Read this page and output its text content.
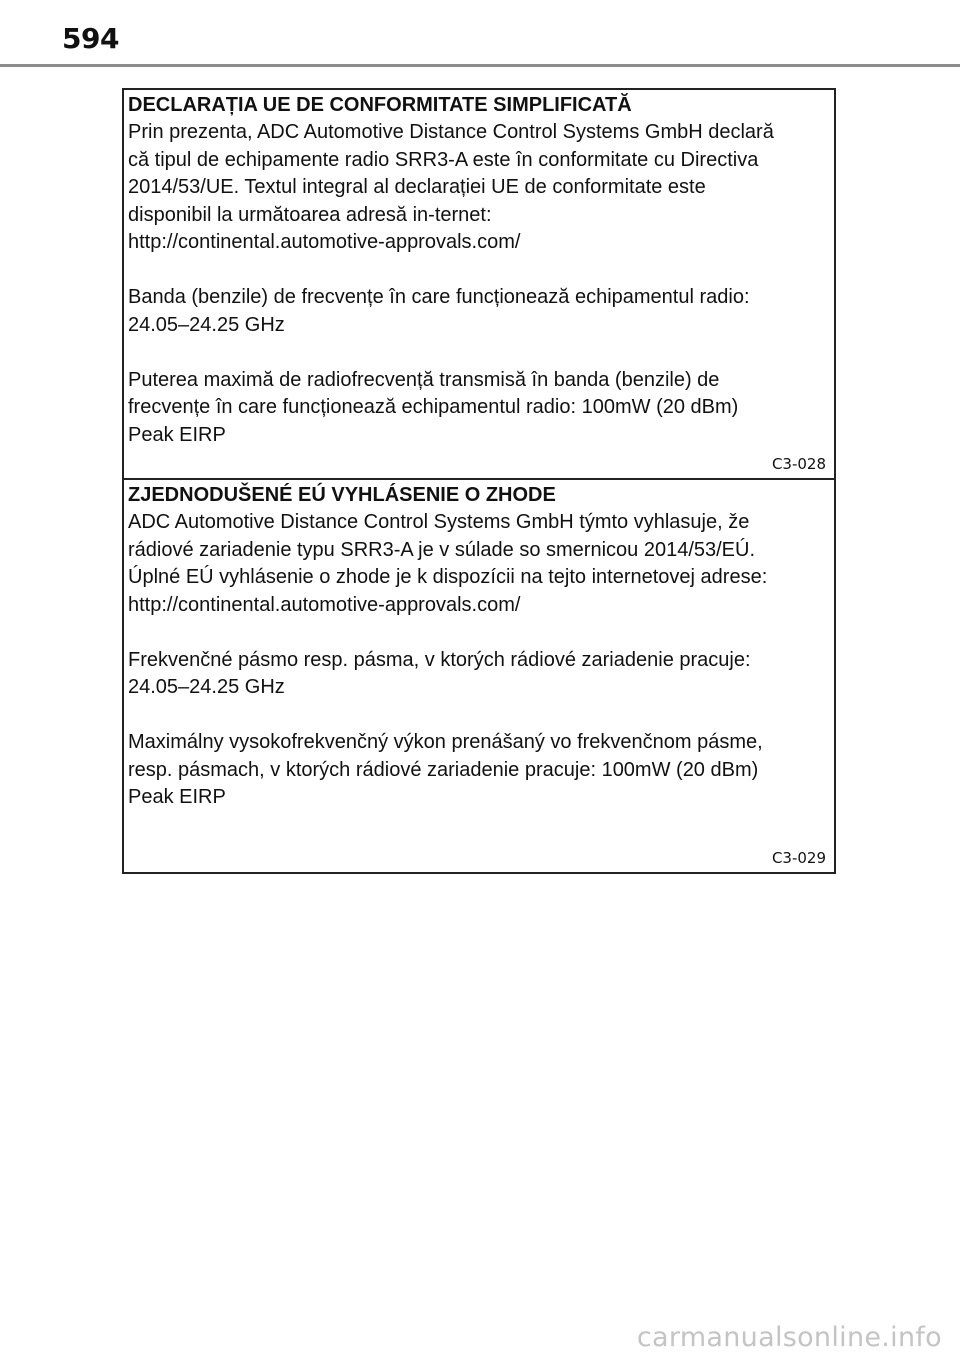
594
DECLARAȚIA UE DE CONFORMITATE SIMPLIFICATĂ

Prin prezenta, ADC Automotive Distance Control Systems GmbH declară
că tipul de echipamente radio SRR3-A este în conformitate cu Directiva
2014/53/UE. Textul integral al declarației UE de conformitate este
disponibil la următoarea adresă in-ternet:
http://continental.automotive-approvals.com/

Banda (benzile) de frecvențe în care funcționează echipamentul radio:
24.05–24.25 GHz

Puterea maximă de radiofrecvență transmisă în banda (benzile) de
frecvențe în care funcționează echipamentul radio: 100mW (20 dBm)
Peak EIRP

C3-028
ZJEDNODUŠENÉ EÚ VYHLÁSENIE O ZHODE

ADC Automotive Distance Control Systems GmbH týmto vyhlasuje, že
rádiové zariadenie typu SRR3-A je v súlade so smernicou 2014/53/EÚ.
Úplné EÚ vyhlásenie o zhode je k dispozícii na tejto internetovej adrese:
http://continental.automotive-approvals.com/

Frekvenčné pásmo resp. pásma, v ktorých rádiové zariadenie pracuje:
24.05–24.25 GHz

Maximálny vysokofrekvenčný výkon prenášaný vo frekvenčnom pásme,
resp. pásmach, v ktorých rádiové zariadenie pracuje: 100mW (20 dBm)
Peak EIRP

C3-029
carmanualsonline.info
